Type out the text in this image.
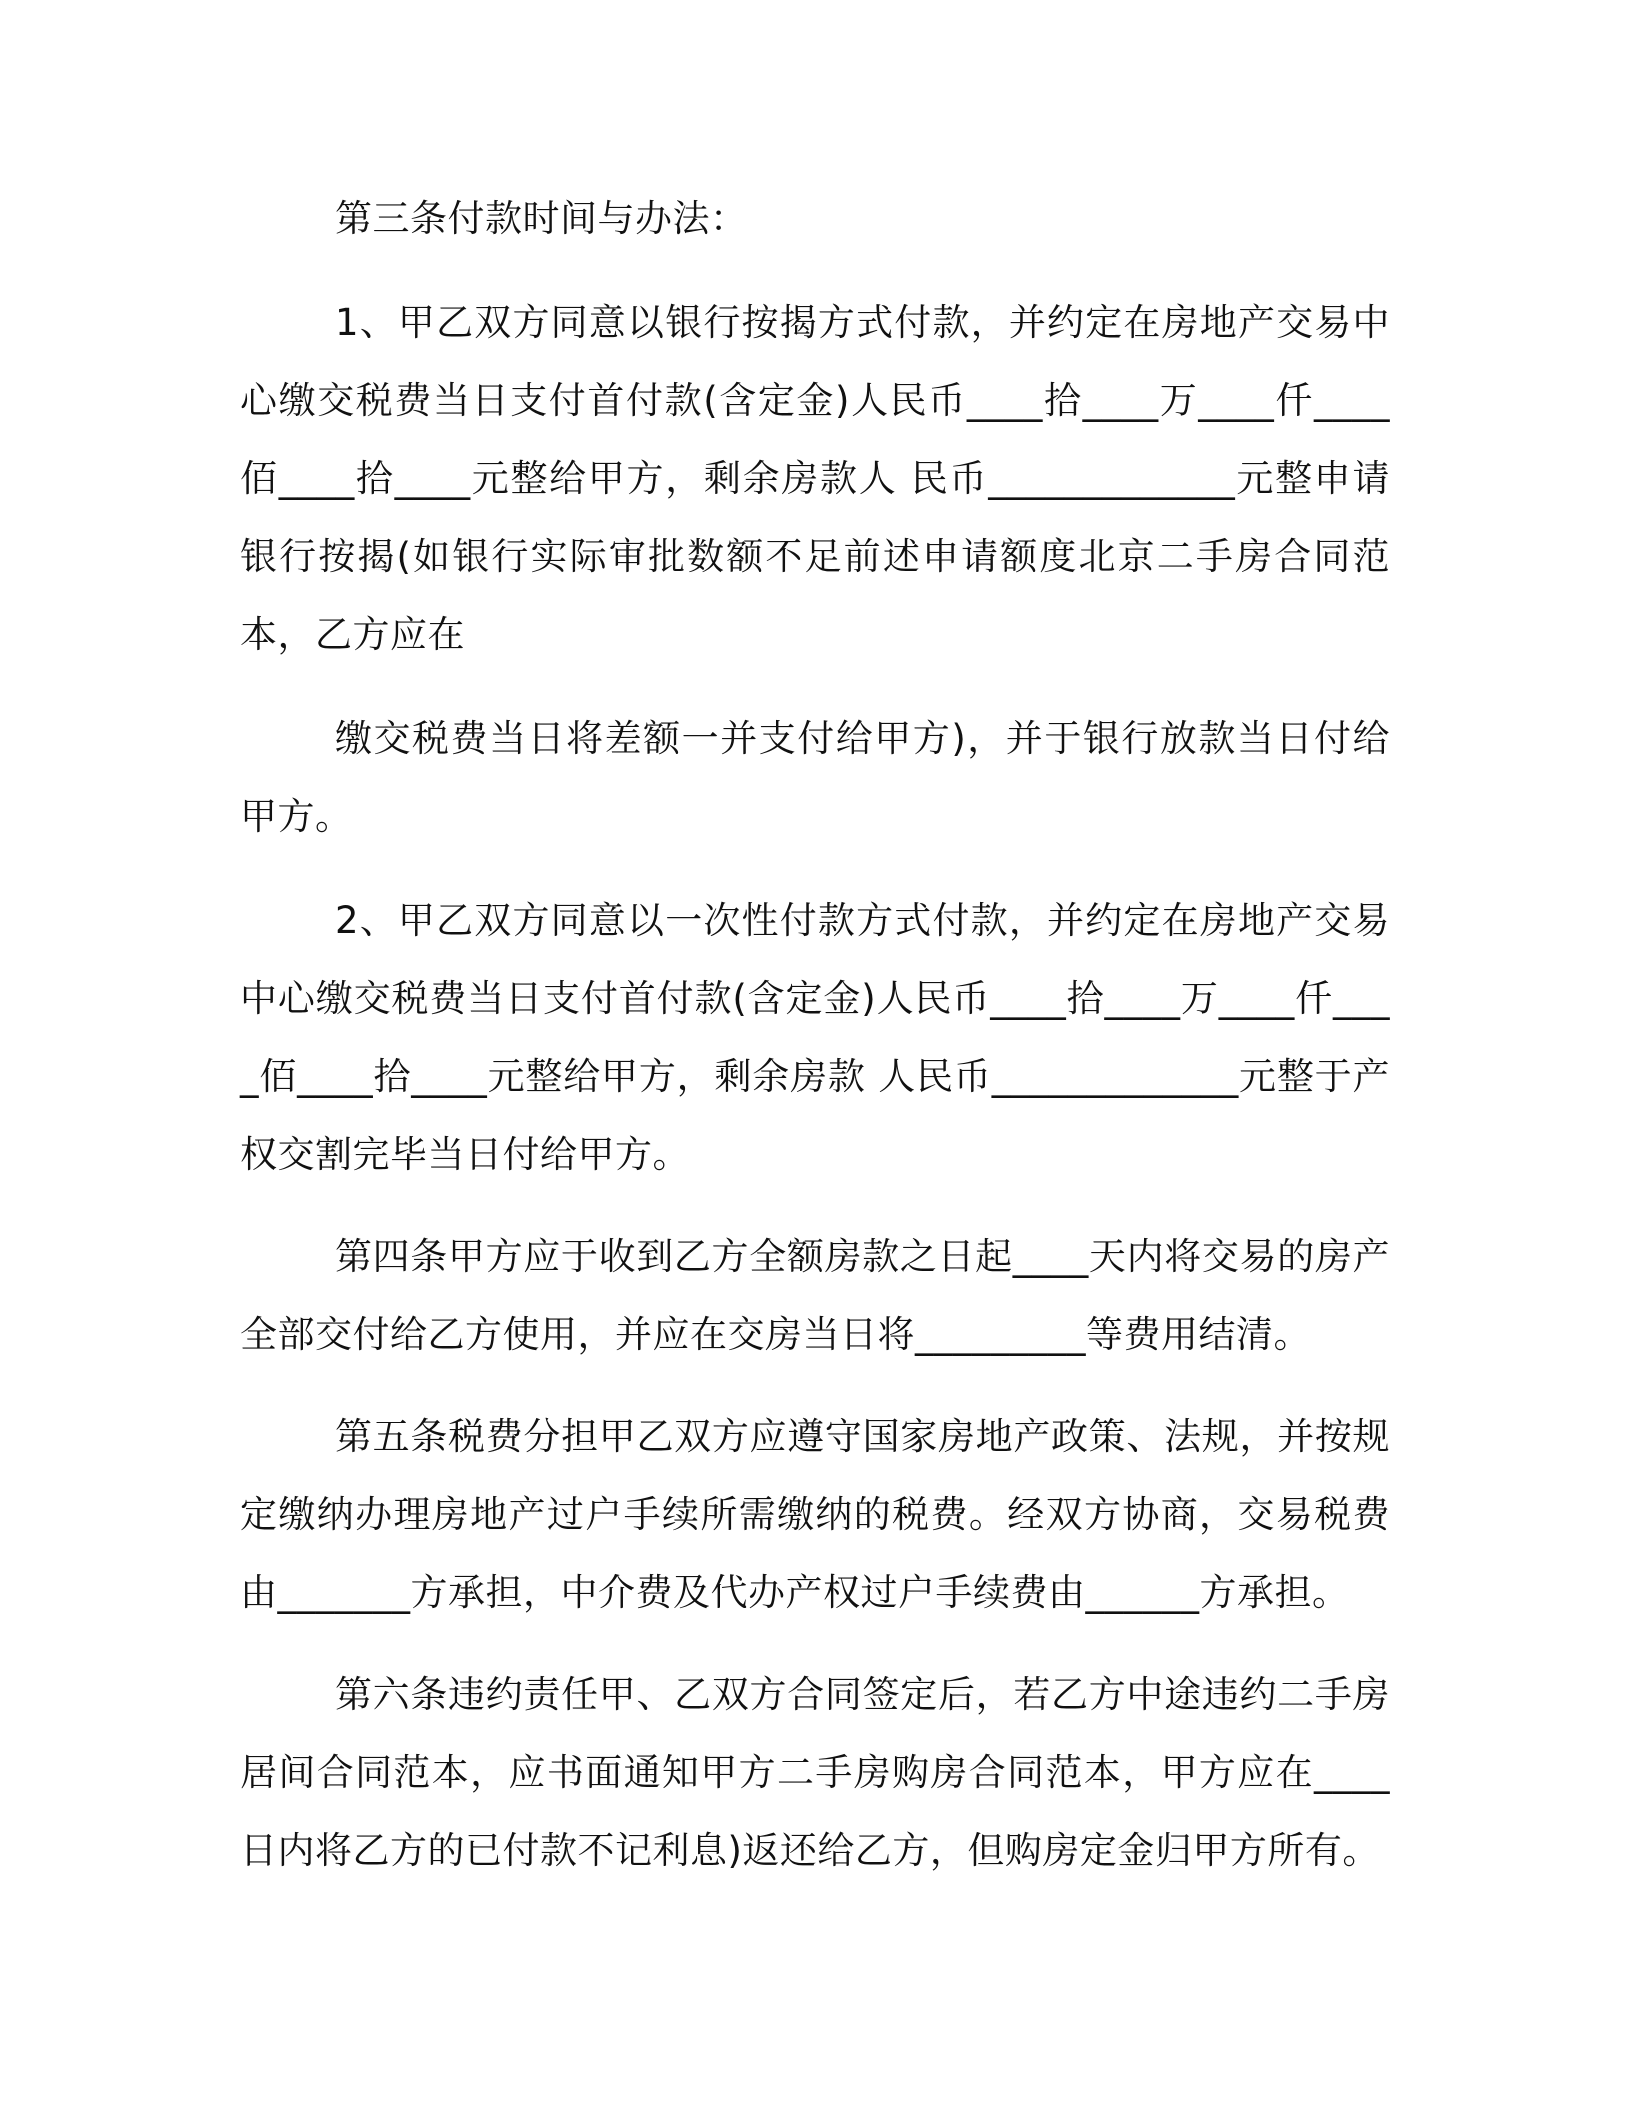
第三条付款时间与办法：

1、甲乙双方同意以银行按揭方式付款，并约定在房地产交易中心缴交税费当日支付首付款(含定金)人民币____拾____万____仟____佰____拾____元整给甲方，剩余房款人 民币_____________元整申请银行按揭(如银行实际审批数额不足前述申请额度北京二手房合同范本，乙方应在

缴交税费当日将差额一并支付给甲方)，并于银行放款当日付给甲方。

2、甲乙双方同意以一次性付款方式付款，并约定在房地产交易中心缴交税费当日支付首付款(含定金)人民币____拾____万____仟____佰____拾____元整给甲方，剩余房款 人民币_____________元整于产权交割完毕当日付给甲方。

第四条甲方应于收到乙方全额房款之日起____天内将交易的房产全部交付给乙方使用，并应在交房当日将_________等费用结清。

第五条税费分担甲乙双方应遵守国家房地产政策、法规，并按规定缴纳办理房地产过户手续所需缴纳的税费。经双方协商，交易税费由_______方承担，中介费及代办产权过户手续费由______方承担。

第六条违约责任甲、乙双方合同签定后，若乙方中途违约二手房居间合同范本，应书面通知甲方二手房购房合同范本，甲方应在____日内将乙方的已付款不记利息)返还给乙方，但购房定金归甲方所有。
